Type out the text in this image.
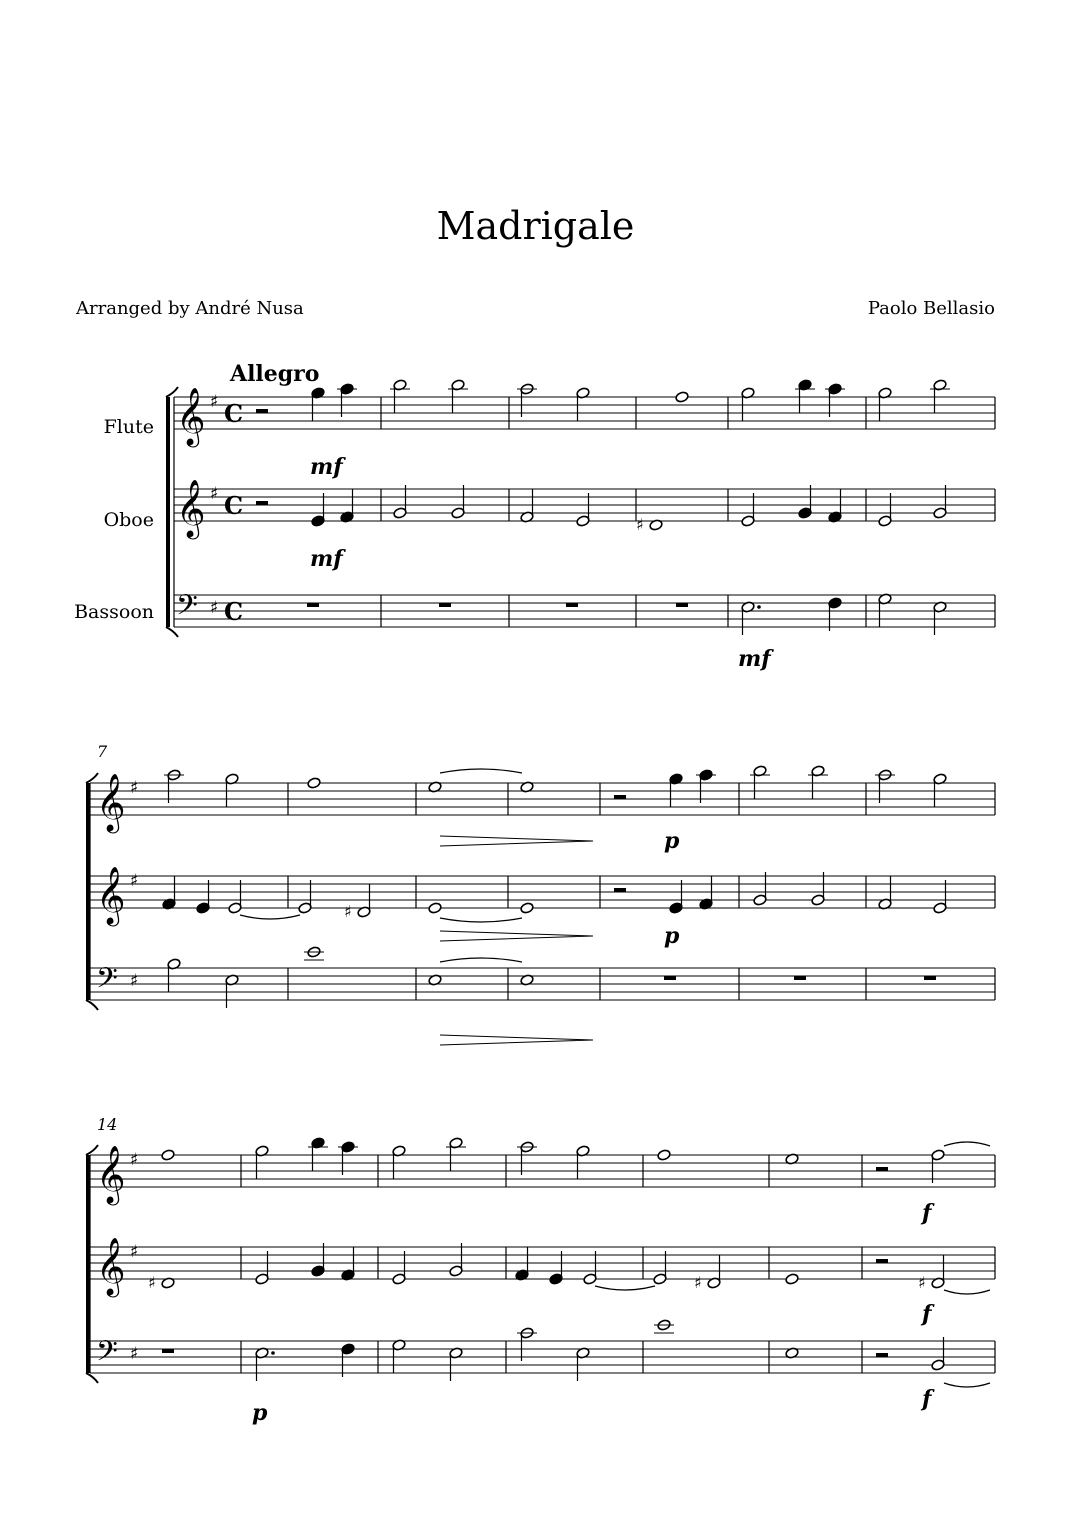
Madrigale
Arranged by André Nusa	Paolo Bellasio
Allegro
Flute
Oboe
Bassoon
7
14
𝄞 ♯ C
𝄞 ♯ C
𝄢 ♯ C
mf
♯
mf
mf
𝄞 ♯
𝄞 ♯
𝄢 ♯
p
♯
p
𝄞 ♯
𝄞 ♯
𝄢 ♯
f
♯	♯	♯
f
p
f
